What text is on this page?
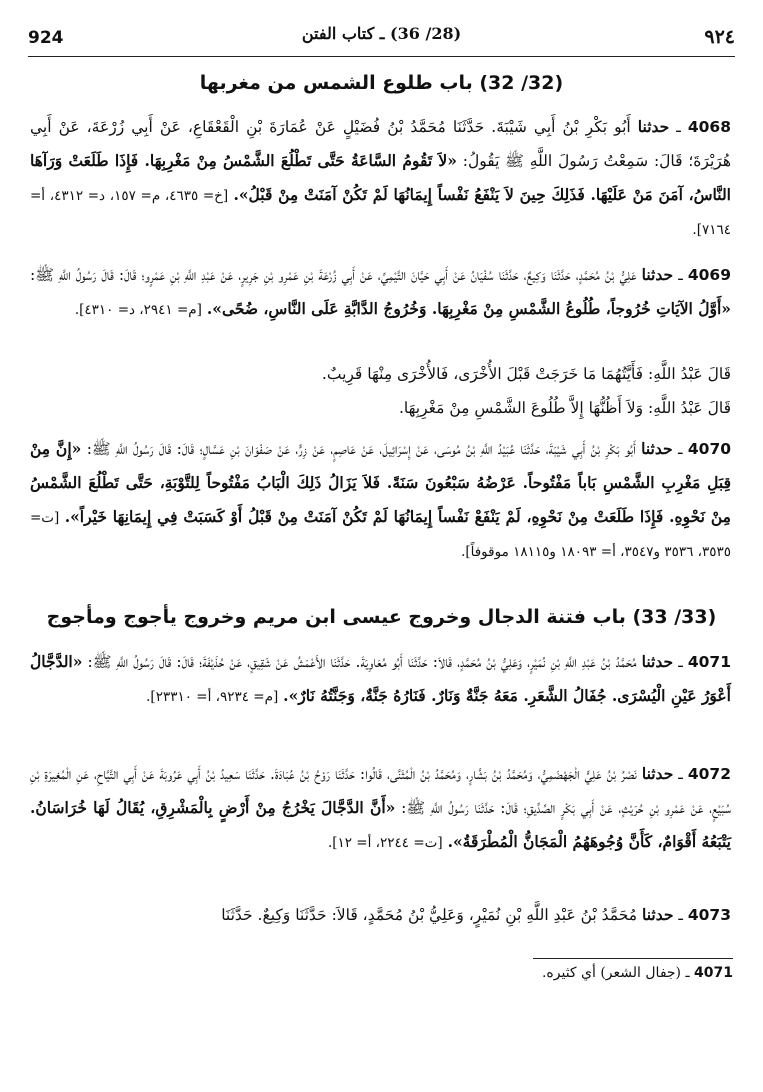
924	(28/ 36) ـ كتاب الفتن	٩٢٤
(32/ 32) باب طلوع الشمس من مغربها
4068 ـ حدثنا أَبُو بَكْرِ بْنُ أَبِي شَيْبَةَ. حَدَّثَنَا مُحَمَّدُ بْنُ فُضَيْلٍ عَنْ عُمَارَةَ بْنِ الْقَعْقَاعِ، عَنْ أَبِي زُرْعَةَ، عَنْ أَبِي هُرَيْرَةَ؛ قَالَ: سَمِعْتُ رَسُولَ اللَّهِ ﷺ يَقُولُ: «لاَ تَقُومُ السَّاعَةُ حَتَّى تَطْلُعَ الشَّمْسُ مِنْ مَغْرِبِهَا. فَإِذَا طَلَعَتْ وَرَآهَا النَّاسُ، آمَنَ مَنْ عَلَيْهَا. فَذَلِكَ حِينَ لاَ يَنْفَعُ نَفْساً إِيمَانُهَا لَمْ تَكُنْ آمَنَتْ مِنْ قَبْلُ». [خ= ٤٦٣٥، م= ١٥٧، د= ٤٣١٢، أ= ٧١٦٤].
4069 ـ حدثنا عَلِيُّ بْنُ مُحَمَّدٍ، حَدَّثَنَا وَكِيعٌ، حَدَّثَنَا سُفْيَانُ عَنْ أَبِي حَيَّانَ التَّيْمِيِّ، عَنْ أَبِي زُرْعَةَ بْنِ عَمْرِو بْنِ جَرِيرٍ، عَنْ عَبْدِ اللَّهِ بْنِ عَمْرٍو؛ قَالَ: قَالَ رَسُولُ اللَّهِ ﷺ: «أَوَّلُ الآيَاتِ خُرُوجاً، طُلُوعُ الشَّمْسِ مِنْ مَغْرِبِهَا. وَخُرُوجُ الدَّابَّةِ عَلَى النَّاسِ، ضُحًى». [م= ٢٩٤١، د= ٤٣١٠].
قَالَ عَبْدُ اللَّهِ: فَأَيَّتُهُمَا مَا خَرَجَتْ قَبْلَ الأُخْرَى، فَالأُخْرَى مِنْهَا قَرِيبٌ.
قَالَ عَبْدُ اللَّهِ: وَلاَ أَظُنُّهَا إِلاَّ طُلُوعَ الشَّمْسِ مِنْ مَغْرِبِهَا.
4070 ـ حدثنا أَبُو بَكْرِ بْنُ أَبِي شَيْبَةَ، حَدَّثَنَا عُبَيْدُ اللَّهِ بْنُ مُوسَى، عَنْ إِسْرَائِيلَ، عَنْ عَاصِمٍ، عَنْ زِرٍّ، عَنْ صَفْوَانَ بْنِ عَسَّالٍ؛ قَالَ: قَالَ رَسُولُ اللَّهِ ﷺ: «إِنَّ مِنْ قِبَلِ مَغْرِبِ الشَّمْسِ بَاباً مَفْتُوحاً. عَرْضُهُ سَبْعُونَ سَنَةً. فَلاَ يَزَالُ ذَلِكَ الْبَابُ مَفْتُوحاً لِلتَّوْبَةِ، حَتَّى تَطْلُعَ الشَّمْسُ مِنْ نَحْوِهِ. فَإِذَا طَلَعَتْ مِنْ نَحْوِهِ، لَمْ يَنْفَعْ نَفْساً إِيمَانُهَا لَمْ تَكُنْ آمَنَتْ مِنْ قَبْلُ أَوْ كَسَبَتْ فِي إِيمَانِهَا خَيْراً». [ت= ٣٥٣٥، ٣٥٣٦ و٣٥٤٧، أ= ١٨٠٩٣ و١٨١١٥ موقوفاً].
(33/ 33) باب فتنة الدجال وخروج عيسى ابن مريم وخروج يأجوج ومأجوج
4071 ـ حدثنا مُحَمَّدُ بْنُ عَبْدِ اللَّهِ بْنِ نُمَيْرٍ، وَعَلِيُّ بْنُ مُحَمَّدٍ، قَالاَ: حَدَّثَنَا أَبُو مُعَاوِيَةَ. حَدَّثَنَا الأَعْمَشُ عَنْ شَقِيقٍ، عَنْ حُذَيْفَةَ؛ قَالَ: قَالَ رَسُولُ اللَّهِ ﷺ: «الدَّجَّالُ أَعْوَرُ عَيْنِ الْيُسْرَى. جُفَالُ الشَّعَرِ. مَعَهُ جَنَّةٌ وَنَارٌ. فَنَارُهُ جَنَّةٌ، وَجَنَّتُهُ نَارٌ». [م= ٩٢٣٤، أ= ٢٣٣١٠].
4072 ـ حدثنا نَصْرُ بْنُ عَلِيٍّ الْجَهْضَمِيُّ، وَمُحَمَّدُ بْنُ بَشَّارٍ، وَمُحَمَّدُ بْنُ الْمُثَنَّى، قَالُوا: حَدَّثَنَا رَوْحُ بْنُ عُبَادَةَ. حَدَّثَنَا سَعِيدُ بْنُ أَبِي عَرُوبَةَ عَنْ أَبِي التَّيَّاحِ، عَنِ الْمُغِيرَةِ بْنِ سُبَيْعٍ، عَنْ عَمْرِو بْنِ حُرَيْثٍ، عَنْ أَبِي بَكْرٍ الصِّدِّيقِ؛ قَالَ: حَدَّثَنَا رَسُولُ اللَّهِ ﷺ: «أَنَّ الدَّجَّالَ يَخْرُجُ مِنْ أَرْضٍ بِالْمَشْرِقِ، يُقَالُ لَهَا خُرَاسَانُ. يَتْبَعُهُ أَقْوَامٌ، كَأَنَّ وُجُوهَهُمُ الْمَجَانُّ الْمُطْرَقَةُ». [ت= ٢٢٤٤، أ= ١٢].
4073 ـ حدثنا مُحَمَّدُ بْنُ عَبْدِ اللَّهِ بْنِ نُمَيْرٍ، وَعَلِيُّ بْنُ مُحَمَّدٍ، قَالاَ: حَدَّثَنَا وَكِيعٌ. حَدَّثَنَا
4071 ـ (جفال الشعر) أي كثيره.
